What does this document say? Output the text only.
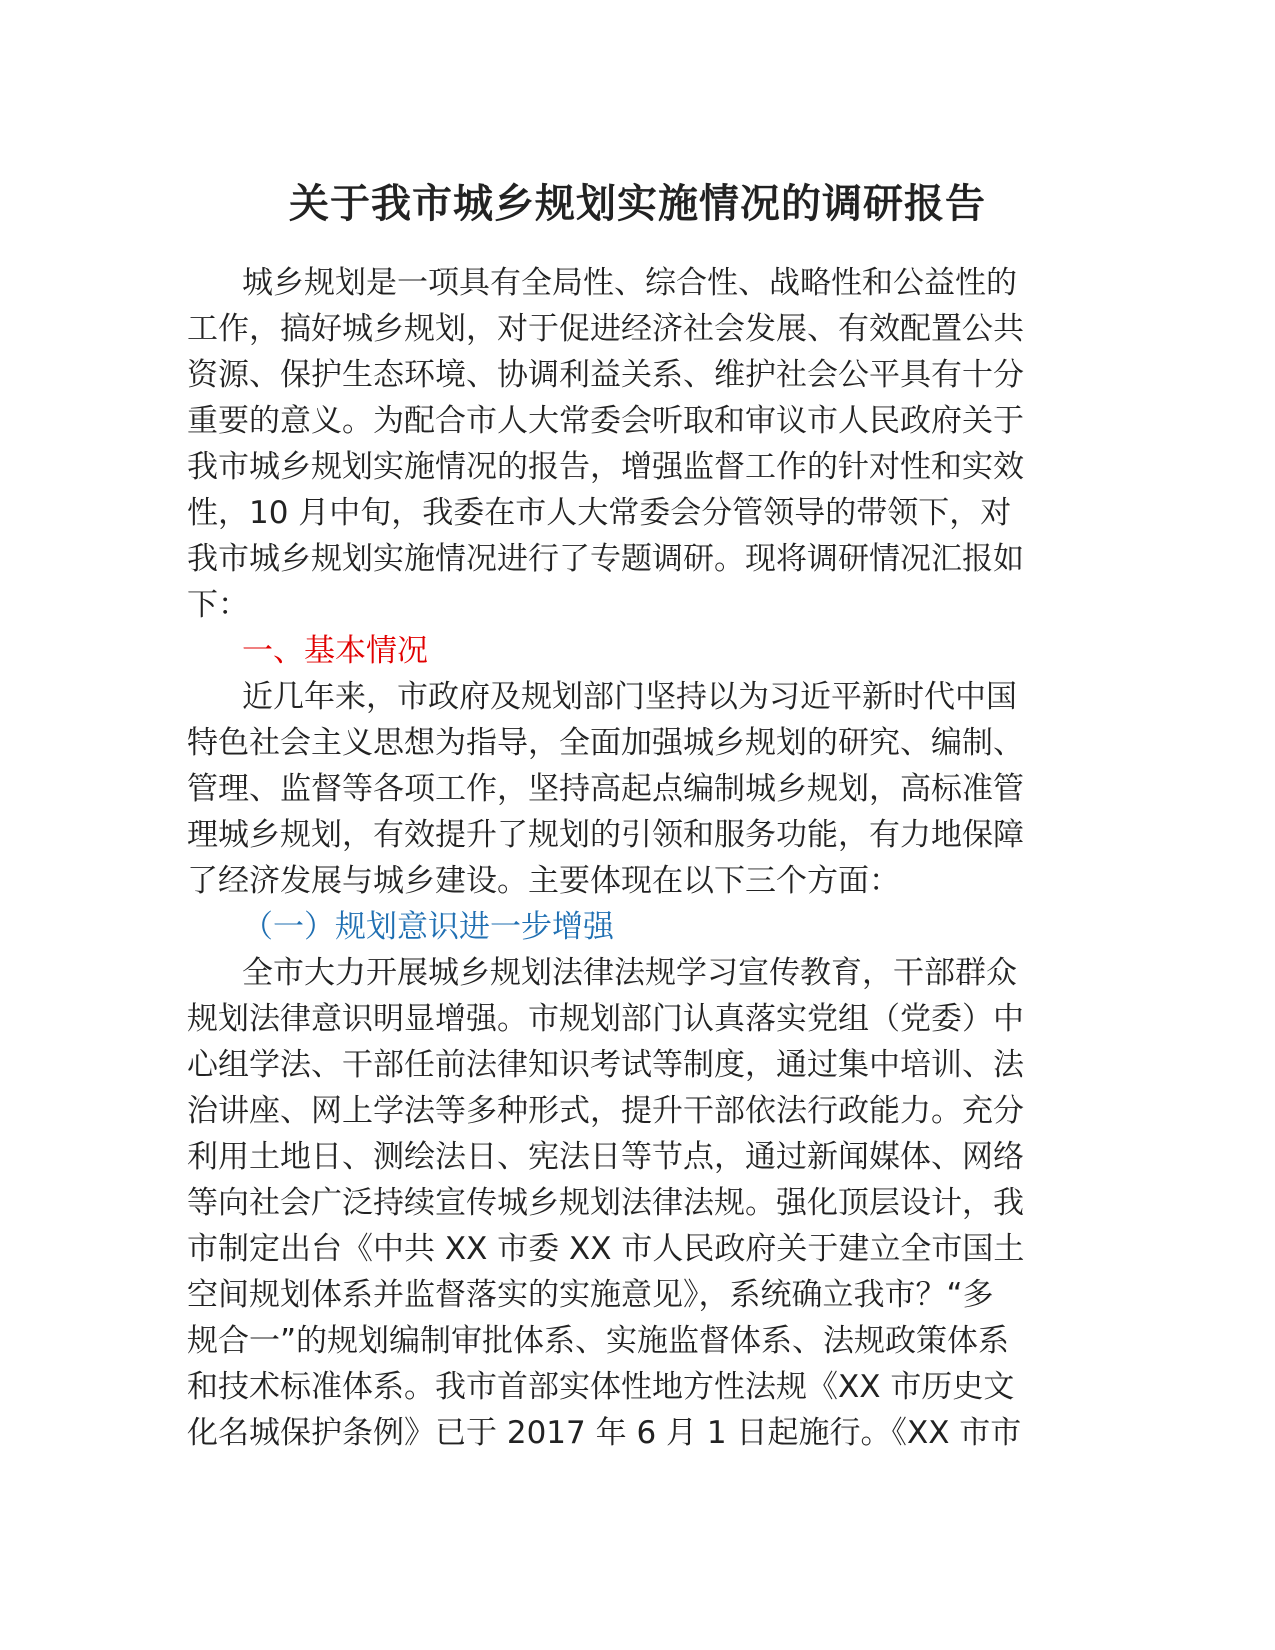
关于我市城乡规划实施情况的调研报告
城乡规划是一项具有全局性、综合性、战略性和公益性的
工作，搞好城乡规划，对于促进经济社会发展、有效配置公共
资源、保护生态环境、协调利益关系、维护社会公平具有十分
重要的意义。为配合市人大常委会听取和审议市人民政府关于
我市城乡规划实施情况的报告，增强监督工作的针对性和实效
性，10 月中旬，我委在市人大常委会分管领导的带领下，对
我市城乡规划实施情况进行了专题调研。现将调研情况汇报如
下：
一、基本情况
近几年来，市政府及规划部门坚持以为习近平新时代中国
特色社会主义思想为指导，全面加强城乡规划的研究、编制、
管理、监督等各项工作，坚持高起点编制城乡规划，高标准管
理城乡规划，有效提升了规划的引领和服务功能，有力地保障
了经济发展与城乡建设。主要体现在以下三个方面：
（一）规划意识进一步增强
全市大力开展城乡规划法律法规学习宣传教育，干部群众
规划法律意识明显增强。市规划部门认真落实党组（党委）中
心组学法、干部任前法律知识考试等制度，通过集中培训、法
治讲座、网上学法等多种形式，提升干部依法行政能力。充分
利用土地日、测绘法日、宪法日等节点，通过新闻媒体、网络
等向社会广泛持续宣传城乡规划法律法规。强化顶层设计，我
市制定出台《中共 XX 市委 XX 市人民政府关于建立全市国土
空间规划体系并监督落实的实施意见》，系统确立我市？“多
规合一”的规划编制审批体系、实施监督体系、法规政策体系
和技术标准体系。我市首部实体性地方性法规《XX 市历史文
化名城保护条例》已于 2017 年 6 月 1 日起施行。《XX 市市
